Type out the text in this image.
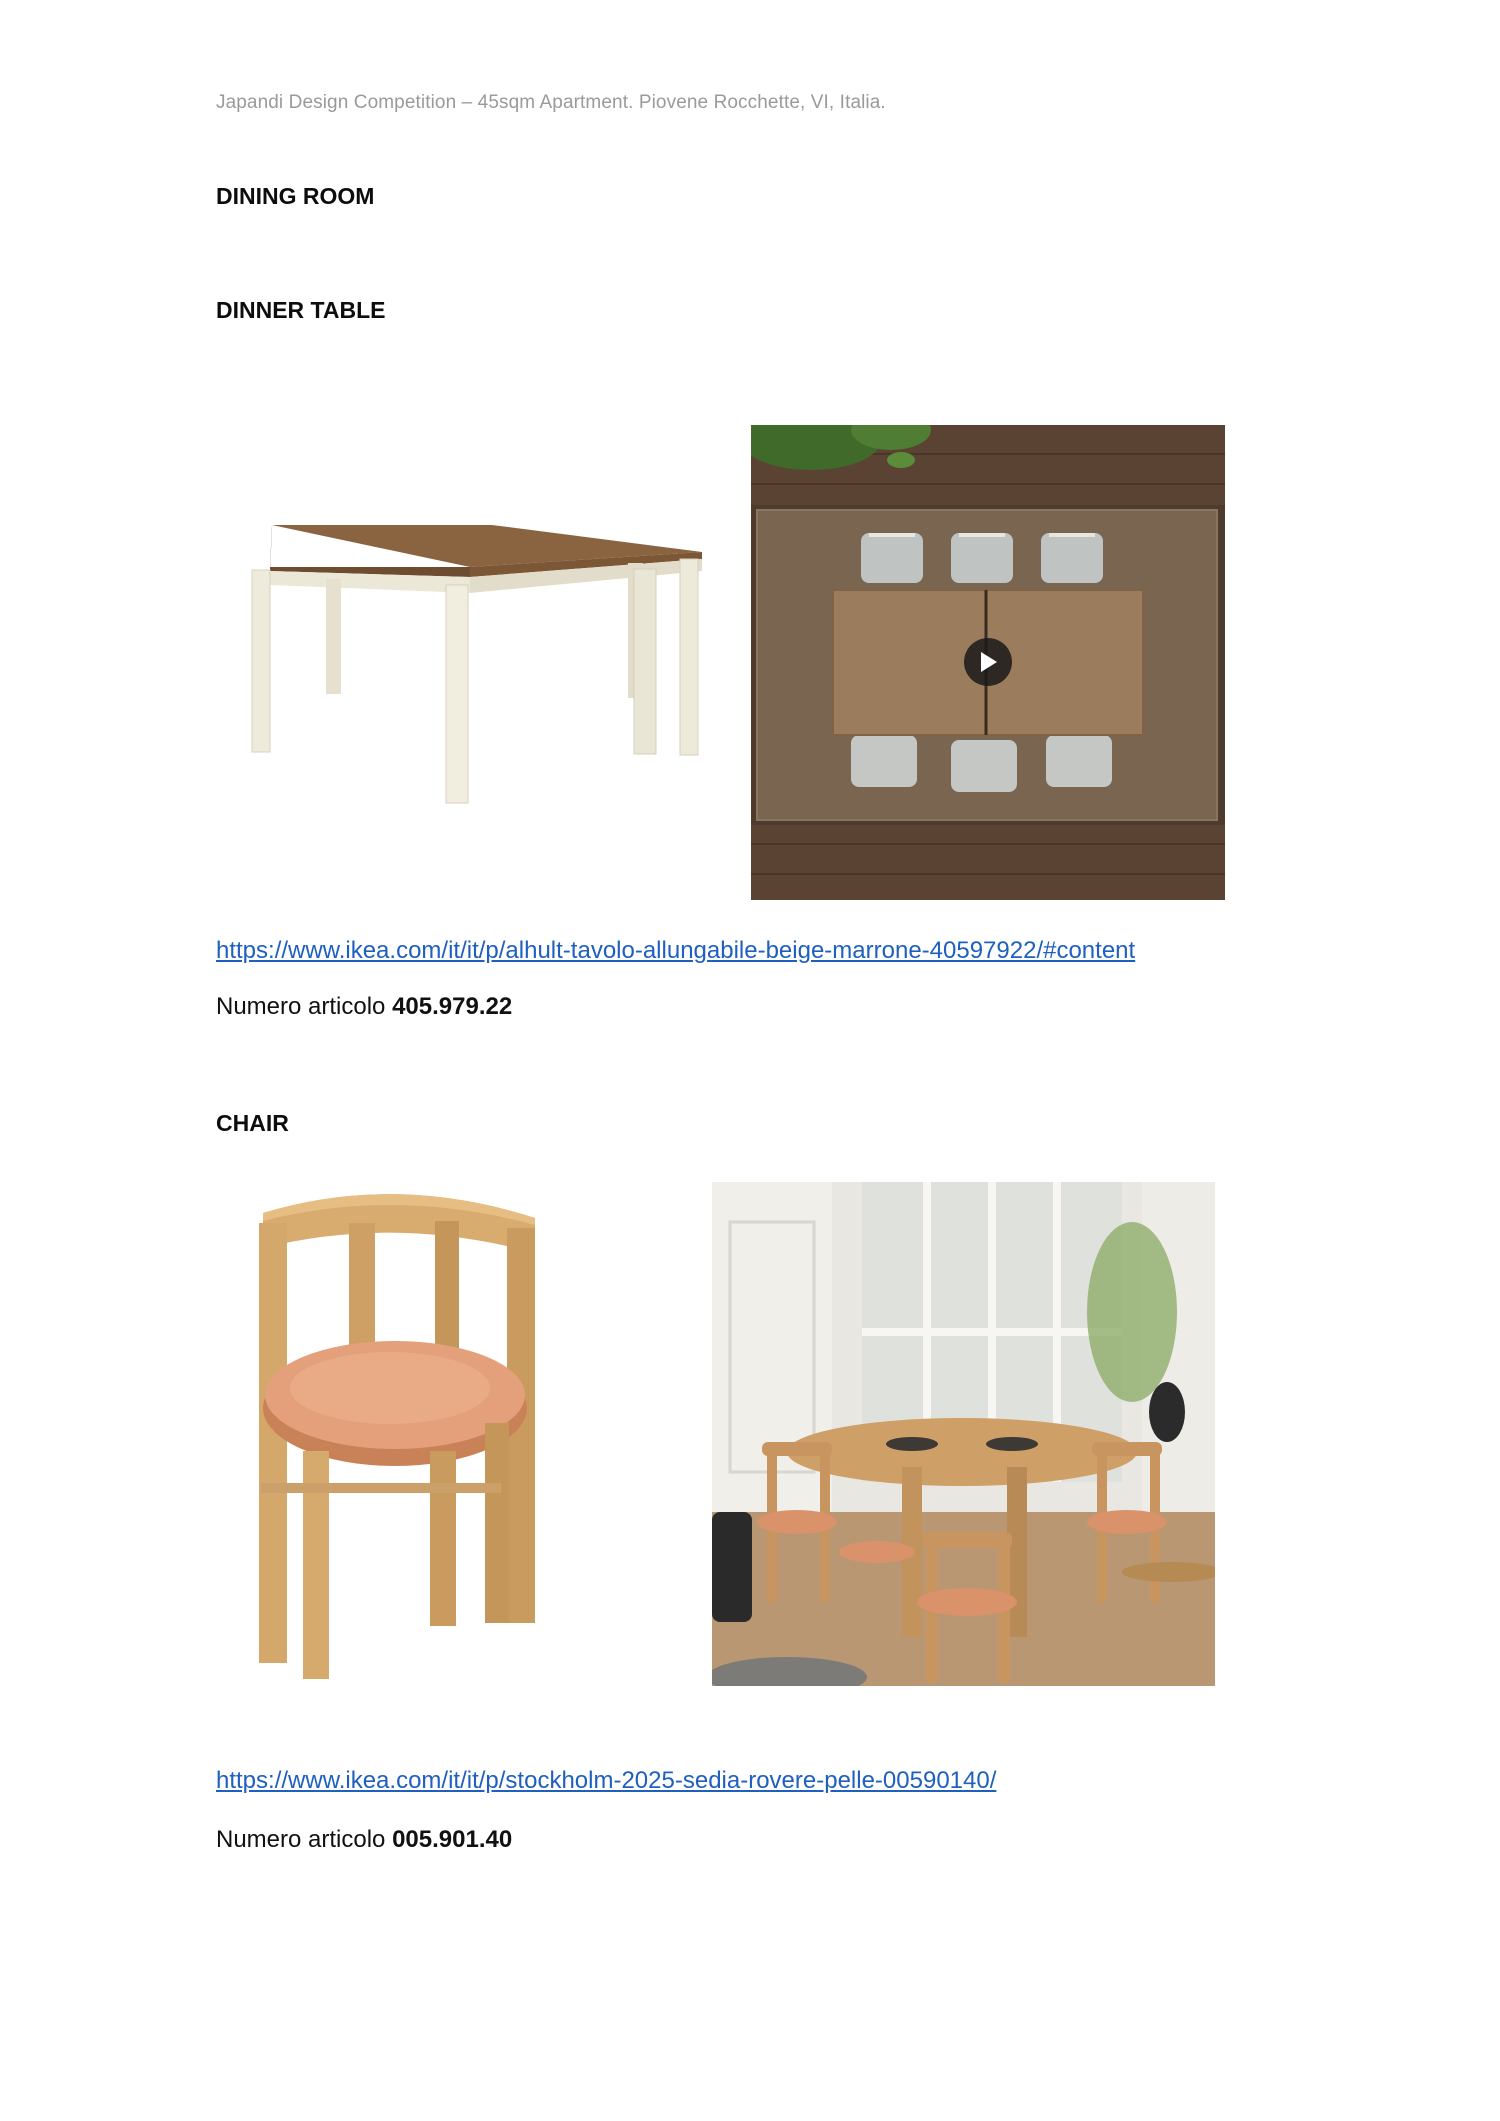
Japandi Design Competition – 45sqm Apartment. Piovene Rocchette, VI, Italia.
DINING ROOM
DINNER TABLE
https://www.ikea.com/it/it/p/alhult-tavolo-allungabile-beige-marrone-40597922/#content
Numero articolo 405.979.22
CHAIR
https://www.ikea.com/it/it/p/stockholm-2025-sedia-rovere-pelle-00590140/
Numero articolo 005.901.40
